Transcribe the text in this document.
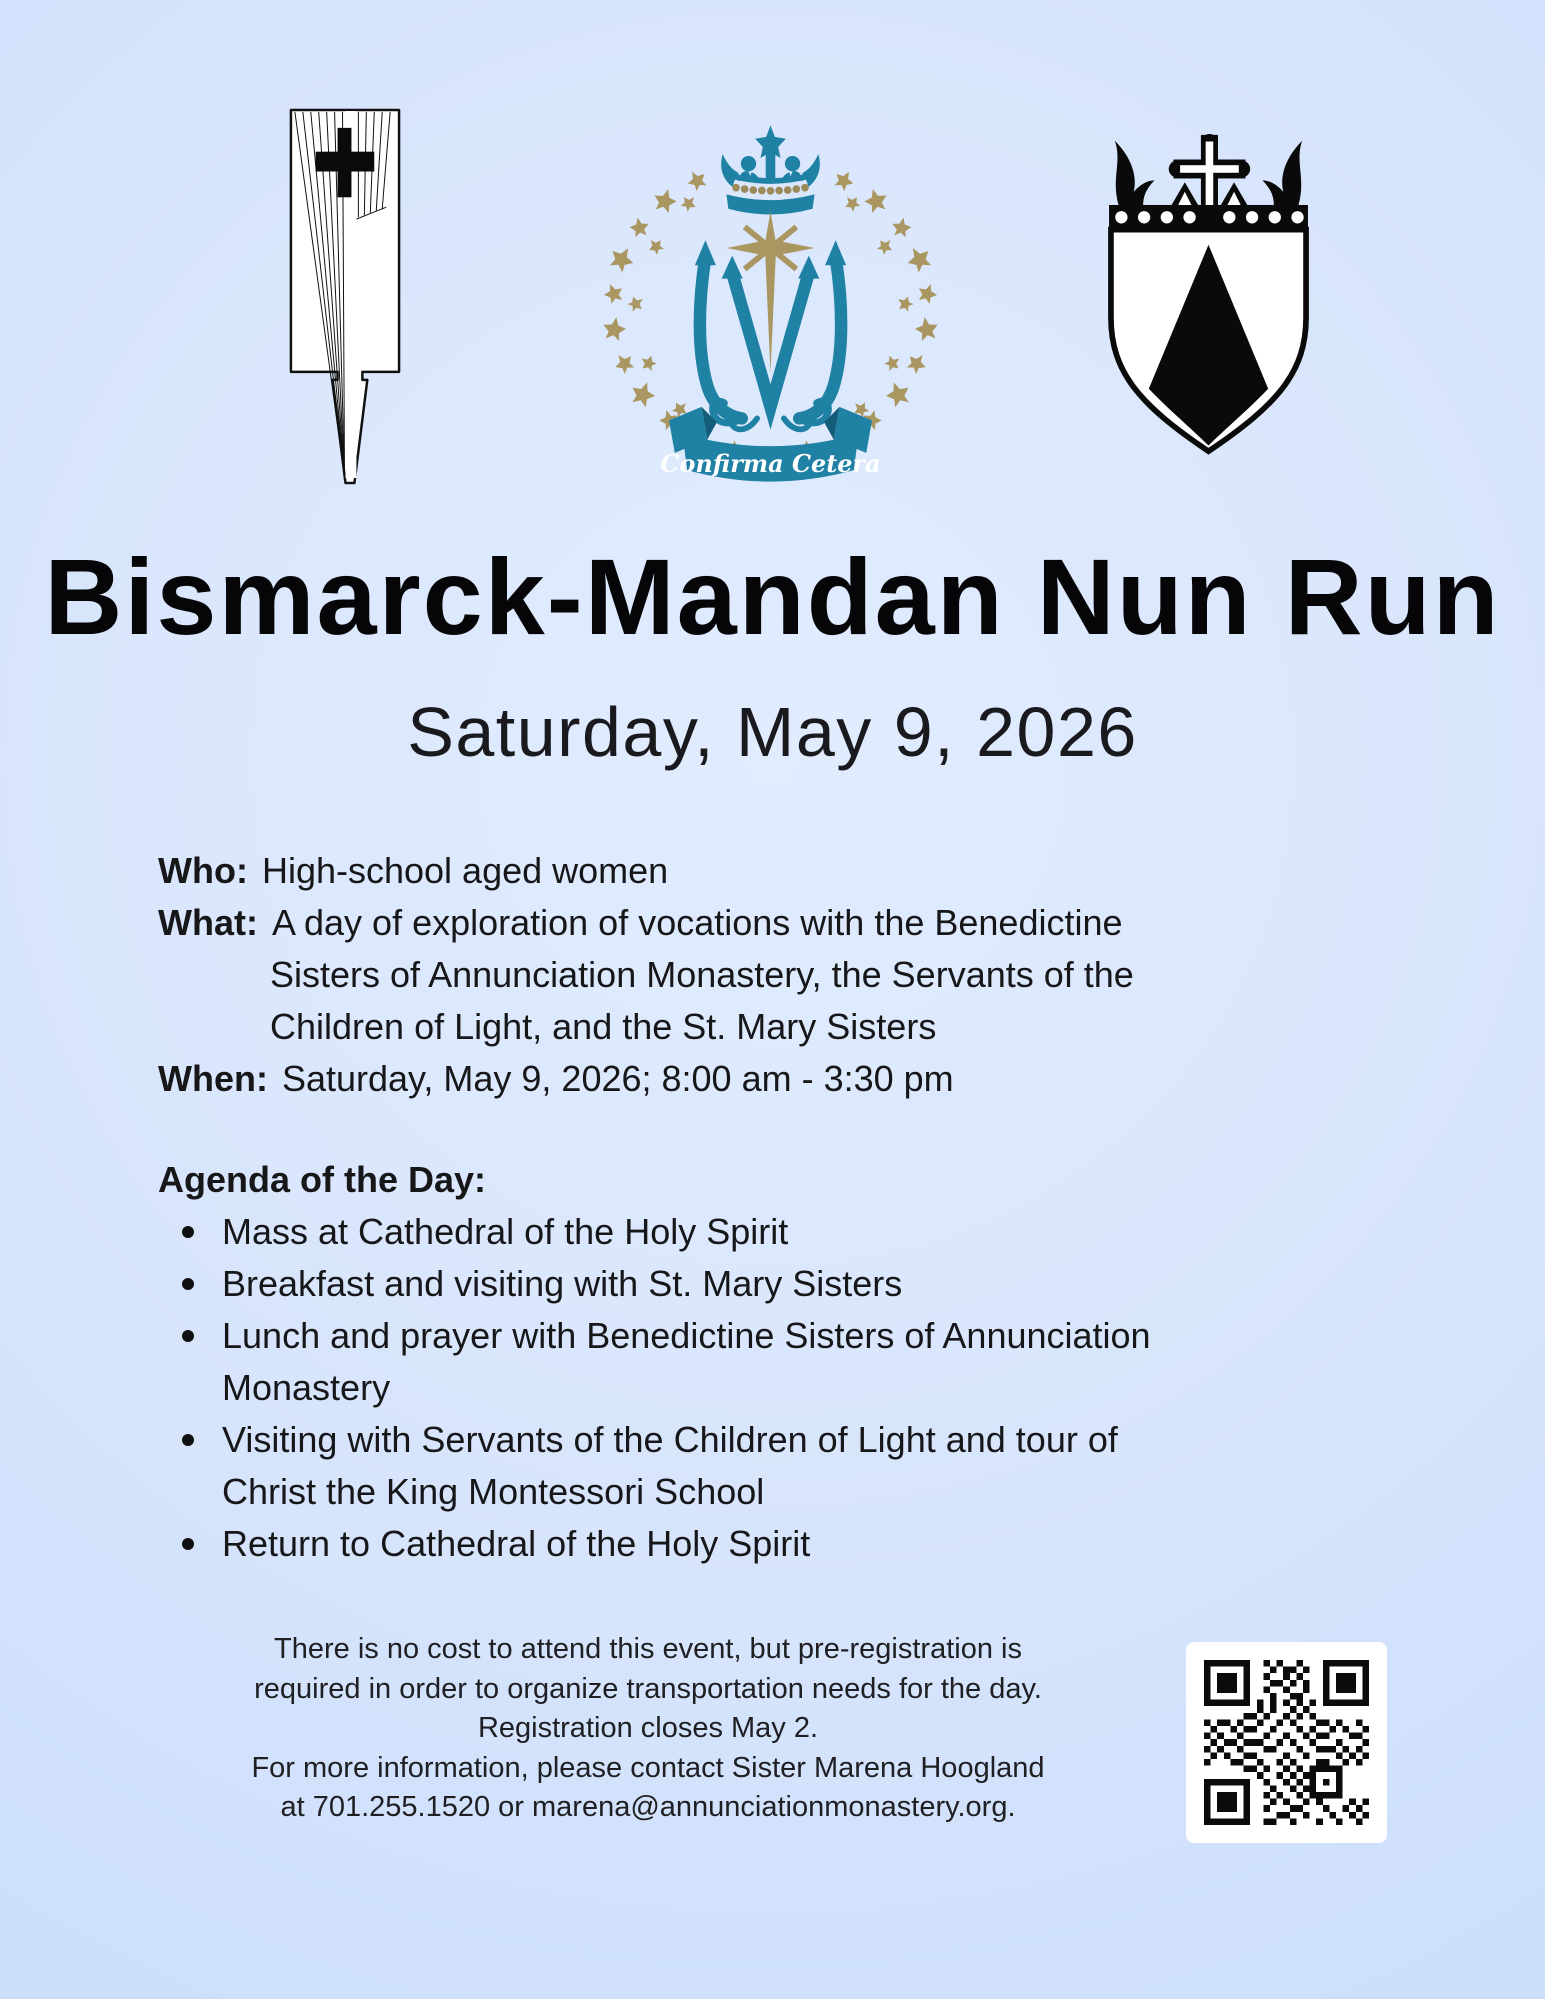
Confirma Cetera
Bismarck-Mandan Nun Run
Saturday, May 9, 2026
Who: High-school aged women
What: A day of exploration of vocations with the Benedictine
Sisters of Annunciation Monastery, the Servants of the
Children of Light, and the St. Mary Sisters
When: Saturday, May 9, 2026; 8:00 am - 3:30 pm
Agenda of the Day:
Mass at Cathedral of the Holy Spirit
Breakfast and visiting with St. Mary Sisters
Lunch and prayer with Benedictine Sisters of Annunciation
Monastery
Visiting with Servants of the Children of Light and tour of
Christ the King Montessori School
Return to Cathedral of the Holy Spirit
There is no cost to attend this event, but pre-registration is
required in order to organize transportation needs for the day.
Registration closes May 2.
For more information, please contact Sister Marena Hoogland
at 701.255.1520 or marena@annunciationmonastery.org.
